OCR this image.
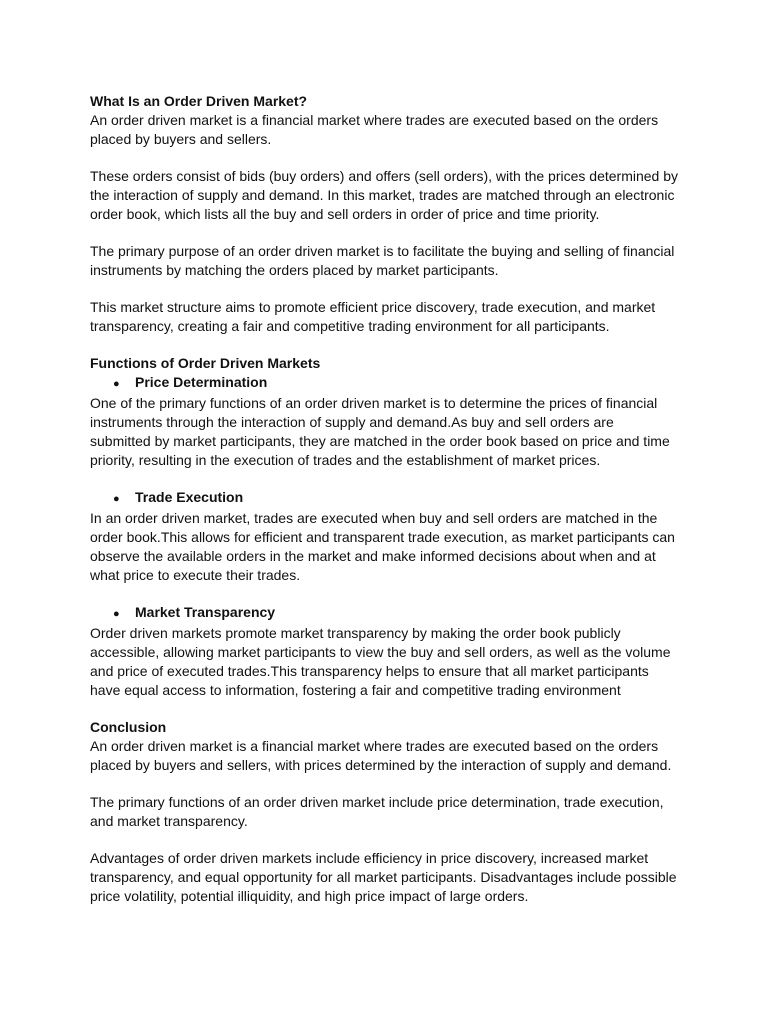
What Is an Order Driven Market?

An order driven market is a financial market where trades are executed based on the orders placed by buyers and sellers.

These orders consist of bids (buy orders) and offers (sell orders), with the prices determined by the interaction of supply and demand. In this market, trades are matched through an electronic order book, which lists all the buy and sell orders in order of price and time priority.

The primary purpose of an order driven market is to facilitate the buying and selling of financial instruments by matching the orders placed by market participants.

This market structure aims to promote efficient price discovery, trade execution, and market transparency, creating a fair and competitive trading environment for all participants.

Functions of Order Driven Markets

●	Price Determination

One of the primary functions of an order driven market is to determine the prices of financial instruments through the interaction of supply and demand.As buy and sell orders are submitted by market participants, they are matched in the order book based on price and time priority, resulting in the execution of trades and the establishment of market prices.

●	Trade Execution

In an order driven market, trades are executed when buy and sell orders are matched in the order book.This allows for efficient and transparent trade execution, as market participants can observe the available orders in the market and make informed decisions about when and at what price to execute their trades.

●	Market Transparency

Order driven markets promote market transparency by making the order book publicly accessible, allowing market participants to view the buy and sell orders, as well as the volume and price of executed trades.This transparency helps to ensure that all market participants have equal access to information, fostering a fair and competitive trading environment

Conclusion

An order driven market is a financial market where trades are executed based on the orders placed by buyers and sellers, with prices determined by the interaction of supply and demand.

The primary functions of an order driven market include price determination, trade execution, and market transparency.

Advantages of order driven markets include efficiency in price discovery, increased market transparency, and equal opportunity for all market participants. Disadvantages include possible price volatility, potential illiquidity, and high price impact of large orders.
